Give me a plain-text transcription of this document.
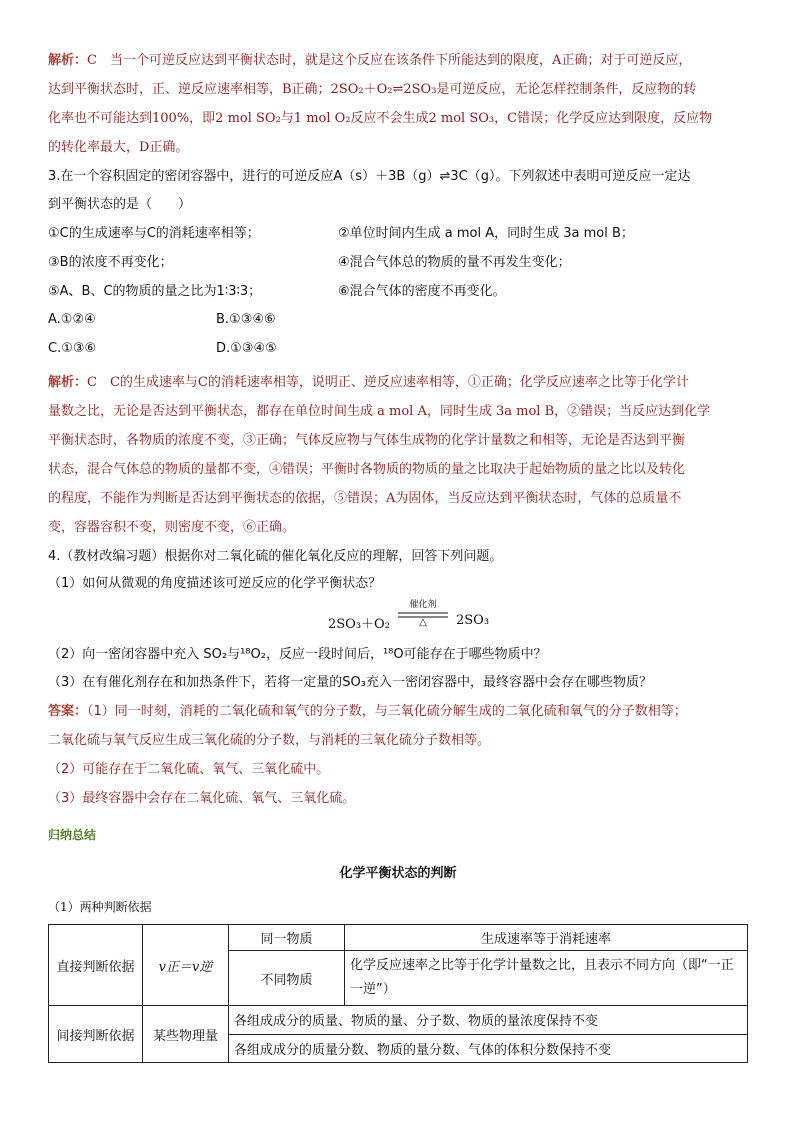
解析：C　当一个可逆反应达到平衡状态时，就是这个反应在该条件下所能达到的限度，A正确；对于可逆反应，
达到平衡状态时，正、逆反应速率相等，B正确；2SO₂＋O₂⇌2SO₃是可逆反应，无论怎样控制条件，反应物的转
化率也不可能达到100%，即2 mol SO₂与1 mol O₂反应不会生成2 mol SO₃，C错误；化学反应达到限度，反应物
的转化率最大，D正确。
3.在一个容积固定的密闭容器中，进行的可逆反应A（s）＋3B（g）⇌3C（g）。下列叙述中表明可逆反应一定达
到平衡状态的是（　　）
①C的生成速率与C的消耗速率相等；	②单位时间内生成 a mol A，同时生成 3a mol B；
③B的浓度不再变化；	④混合气体总的物质的量不再发生变化；
⑤A、B、C的物质的量之比为1∶3∶3；	⑥混合气体的密度不再变化。
A.①②④	B.①③④⑥
C.①③⑥	D.①③④⑤
解析：C　C的生成速率与C的消耗速率相等，说明正、逆反应速率相等，①正确；化学反应速率之比等于化学计
量数之比，无论是否达到平衡状态，都存在单位时间生成 a mol A，同时生成 3a mol B，②错误；当反应达到化学
平衡状态时，各物质的浓度不变，③正确；气体反应物与气体生成物的化学计量数之和相等，无论是否达到平衡
状态，混合气体总的物质的量都不变，④错误；平衡时各物质的物质的量之比取决于起始物质的量之比以及转化
的程度，不能作为判断是否达到平衡状态的依据，⑤错误；A为固体，当反应达到平衡状态时，气体的总质量不
变，容器容积不变，则密度不变，⑥正确。
4.（教材改编习题）根据你对二氧化硫的催化氧化反应的理解，回答下列问题。
（1）如何从微观的角度描述该可逆反应的化学平衡状态？
2SO₃＋O₂
催化剂
△	2SO₃
（2）向一密闭容器中充入 SO₂与¹⁸O₂，反应一段时间后，¹⁸O可能存在于哪些物质中？
（3）在有催化剂存在和加热条件下，若将一定量的SO₃充入一密闭容器中，最终容器中会存在哪些物质？
答案：（1）同一时刻，消耗的二氧化硫和氧气的分子数，与三氧化硫分解生成的二氧化硫和氧气的分子数相等；
二氧化硫与氧气反应生成三氧化硫的分子数，与消耗的三氧化硫分子数相等。
（2）可能存在于二氧化硫、氧气、三氧化硫中。
（3）最终容器中会存在二氧化硫、氧气、三氧化硫。
归纳总结
化学平衡状态的判断
（1）两种判断依据
直接判断依据	v正＝v逆	同一物质	生成速率等于消耗速率
		不同物质	化学反应速率之比等于化学计量数之比，且表示不同方向（即“一正一逆”）
间接判断依据	某些物理量	各组成成分的质量、物质的量、分子数、物质的量浓度保持不变	
		各组成成分的质量分数、物质的量分数、气体的体积分数保持不变	
